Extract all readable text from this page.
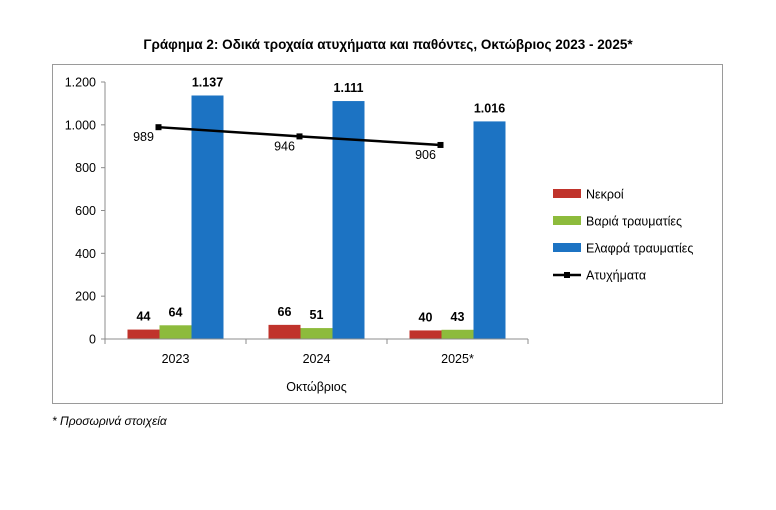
Γράφημα 2: Οδικά τροχαία ατυχήματα και παθόντες, Οκτώβριος 2023 - 2025*
0
200
400
600
800
1.000
1.200
44 64
1.137
66 51
1.111
40 43
1.016
989
946
906
2023	2024	2025*
Νεκροί
Βαριά τραυματίες
Ελαφρά τραυματίες
Ατυχήματα
Οκτώβριος
* Προσωρινά στοιχεία
